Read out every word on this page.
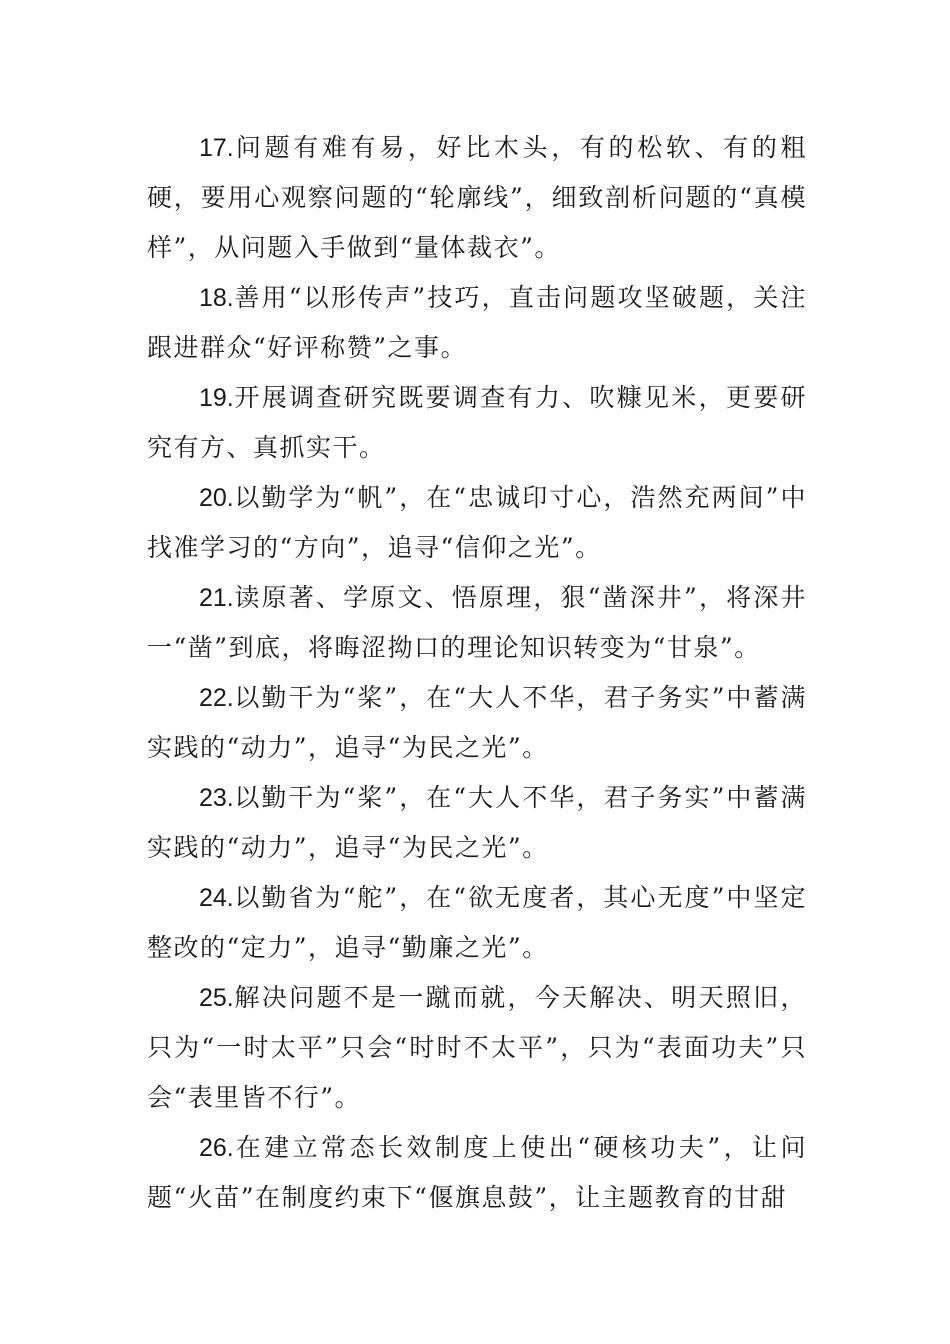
17.问题有难有易，好比木头，有的松软、有的粗硬，要用心观察问题的“轮廓线”，细致剖析问题的“真模样”，从问题入手做到“量体裁衣”。

18.善用“以形传声”技巧，直击问题攻坚破题，关注跟进群众“好评称赞”之事。

19.开展调查研究既要调查有力、吹糠见米，更要研究有方、真抓实干。

20.以勤学为“帆”，在“忠诚印寸心，浩然充两间”中找准学习的“方向”，追寻“信仰之光”。

21.读原著、学原文、悟原理，狠“凿深井”，将深井一“凿”到底，将晦涩拗口的理论知识转变为“甘泉”。

22.以勤干为“桨”，在“大人不华，君子务实”中蓄满实践的“动力”，追寻“为民之光”。

23.以勤干为“桨”，在“大人不华，君子务实”中蓄满实践的“动力”，追寻“为民之光”。

24.以勤省为“舵”，在“欲无度者，其心无度”中坚定整改的“定力”，追寻“勤廉之光”。

25.解决问题不是一蹴而就，今天解决、明天照旧，只为“一时太平”只会“时时不太平”，只为“表面功夫”只会“表里皆不行”。

26.在建立常态长效制度上使出“硬核功夫”，让问题“火苗”在制度约束下“偃旗息鼓”，让主题教育的甘甜
